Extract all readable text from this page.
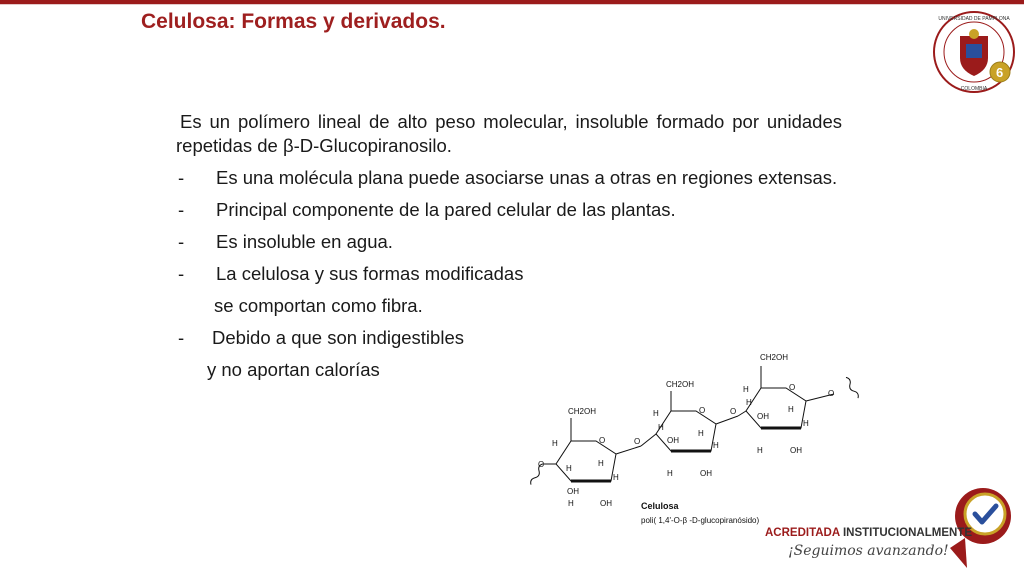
Celulosa: Formas y derivados.

Es un polímero lineal de alto peso molecular, insoluble formado por unidades repetidas de β-D-Glucopiranosilo.

-	Es una molécula plana puede asociarse unas a otras en regiones extensas.
-	Principal componente de la pared celular de las plantas.
-	Es insoluble en agua.
-	La celulosa y sus formas modificadas
se comportan como fibra.
-	Debido a que son indigestibles
y no aportan calorías
CH2OH
CH2OH
CH2OH
O
O
O
O
O
O
O
H
H
OH
H
H
H	OH
H
H
OH
H
H
H	OH
H
H
OH
H
H
H	OH
Celulosa
poli( 1,4'-O-β -D-glucopiranósido)
6
COLOMBIA
UNIVERSIDAD DE PAMPLONA
ACREDITADA INSTITUCIONALMENTE
¡Seguimos avanzando!
